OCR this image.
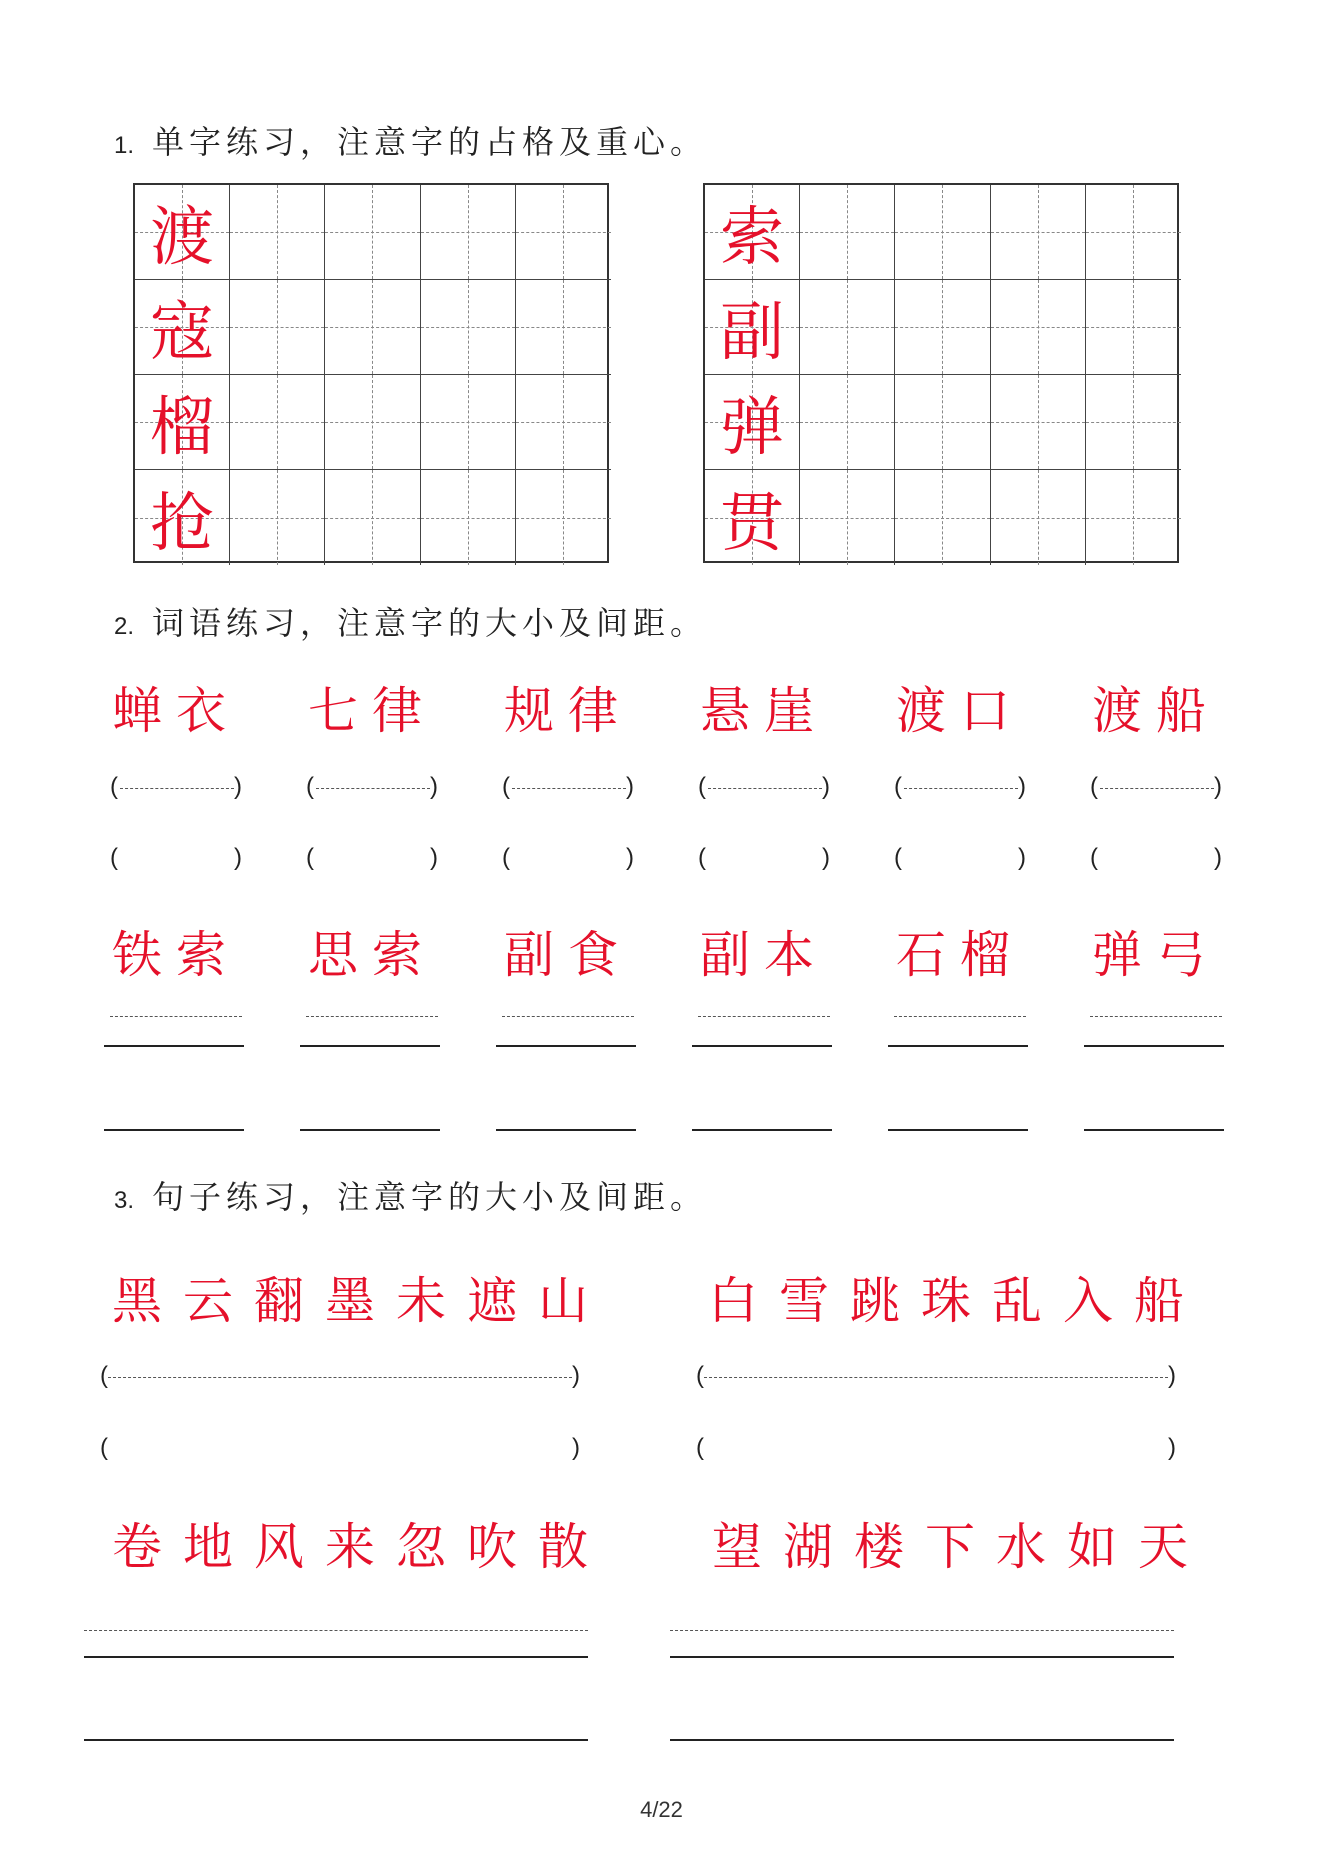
1. 单字练习，注意字的占格及重心。
渡
寇
榴
抢
索
副
弹
贯
2. 词语练习，注意字的大小及间距。
蝉衣
(	)
(	)
七律
(	)
(	)
规律
(	)
(	)
悬崖
(	)
(	)
渡口
(	)
(	)
渡船
(	)
(	)
铁索 思索 副食 副本 石榴 弹弓
3. 句子练习，注意字的大小及间距。
黑云翻墨未遮山
(	)
(	)
白雪跳珠乱入船
(	)
(	)
卷地风来忽吹散 望湖楼下水如天
4/22
